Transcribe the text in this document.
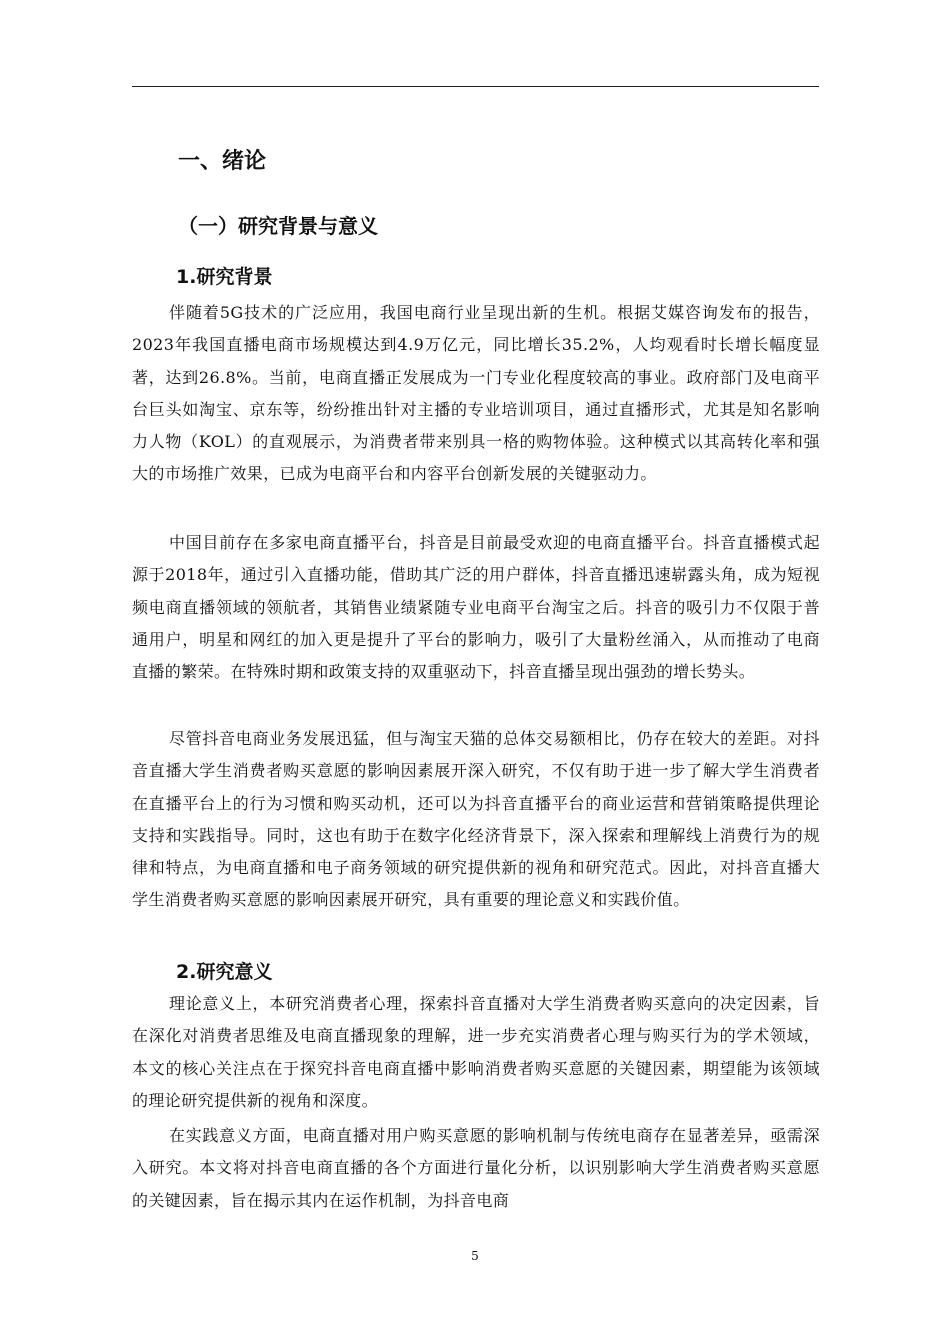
一、绪论
（一）研究背景与意义
1.研究背景

伴随着5G技术的广泛应用，我国电商行业呈现出新的生机。根据艾媒咨询发布的报告，2023年我国直播电商市场规模达到4.9万亿元，同比增长35.2%，人均观看时长增长幅度显著，达到26.8%。当前，电商直播正发展成为一门专业化程度较高的事业。政府部门及电商平台巨头如淘宝、京东等，纷纷推出针对主播的专业培训项目，通过直播形式，尤其是知名影响力人物（KOL）的直观展示，为消费者带来别具一格的购物体验。这种模式以其高转化率和强大的市场推广效果，已成为电商平台和内容平台创新发展的关键驱动力。

中国目前存在多家电商直播平台，抖音是目前最受欢迎的电商直播平台。抖音直播模式起源于2018年，通过引入直播功能，借助其广泛的用户群体，抖音直播迅速崭露头角，成为短视频电商直播领域的领航者，其销售业绩紧随专业电商平台淘宝之后。抖音的吸引力不仅限于普通用户，明星和网红的加入更是提升了平台的影响力，吸引了大量粉丝涌入，从而推动了电商直播的繁荣。在特殊时期和政策支持的双重驱动下，抖音直播呈现出强劲的增长势头。

尽管抖音电商业务发展迅猛，但与淘宝天猫的总体交易额相比，仍存在较大的差距。对抖音直播大学生消费者购买意愿的影响因素展开深入研究，不仅有助于进一步了解大学生消费者在直播平台上的行为习惯和购买动机，还可以为抖音直播平台的商业运营和营销策略提供理论支持和实践指导。同时，这也有助于在数字化经济背景下，深入探索和理解线上消费行为的规律和特点，为电商直播和电子商务领域的研究提供新的视角和研究范式。因此，对抖音直播大学生消费者购买意愿的影响因素展开研究，具有重要的理论意义和实践价值。

2.研究意义

理论意义上，本研究消费者心理，探索抖音直播对大学生消费者购买意向的决定因素，旨在深化对消费者思维及电商直播现象的理解，进一步充实消费者心理与购买行为的学术领域，本文的核心关注点在于探究抖音电商直播中影响消费者购买意愿的关键因素，期望能为该领域的理论研究提供新的视角和深度。

在实践意义方面，电商直播对用户购买意愿的影响机制与传统电商存在显著差异，亟需深入研究。本文将对抖音电商直播的各个方面进行量化分析，以识别影响大学生消费者购买意愿的关键因素，旨在揭示其内在运作机制，为抖音电商

5
